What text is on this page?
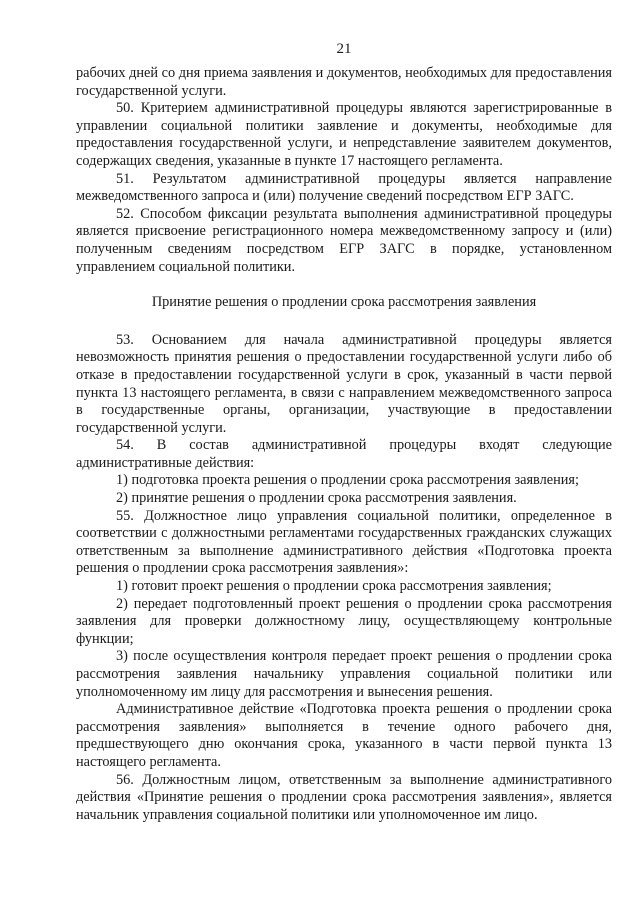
21

рабочих дней со дня приема заявления и документов, необходимых для предоставления государственной услуги.

50. Критерием административной процедуры являются зарегистрированные в управлении социальной политики заявление и документы, необходимые для предоставления государственной услуги, и непредставление заявителем документов, содержащих сведения, указанные в пункте 17 настоящего регламента.

51. Результатом административной процедуры является направление межведомственного запроса и (или) получение сведений посредством ЕГР ЗАГС.

52. Способом фиксации результата выполнения административной процедуры является присвоение регистрационного номера межведомственному запросу и (или) полученным сведениям посредством ЕГР ЗАГС в порядке, установленном управлением социальной политики.

Принятие решения о продлении срока рассмотрения заявления

53. Основанием для начала административной процедуры является невозможность принятия решения о предоставлении государственной услуги либо об отказе в предоставлении государственной услуги в срок, указанный в части первой пункта 13 настоящего регламента, в связи с направлением межведомственного запроса в государственные органы, организации, участвующие в предоставлении государственной услуги.

54. В состав административной процедуры входят следующие административные действия:

1) подготовка проекта решения о продлении срока рассмотрения заявления;

2) принятие решения о продлении срока рассмотрения заявления.

55. Должностное лицо управления социальной политики, определенное в соответствии с должностными регламентами государственных гражданских служащих ответственным за выполнение административного действия «Подготовка проекта решения о продлении срока рассмотрения заявления»:

1) готовит проект решения о продлении срока рассмотрения заявления;

2) передает подготовленный проект решения о продлении срока рассмотрения заявления для проверки должностному лицу, осуществляющему контрольные функции;

3) после осуществления контроля передает проект решения о продлении срока рассмотрения заявления начальнику управления социальной политики или уполномоченному им лицу для рассмотрения и вынесения решения.

Административное действие «Подготовка проекта решения о продлении срока рассмотрения заявления» выполняется в течение одного рабочего дня, предшествующего дню окончания срока, указанного в части первой пункта 13 настоящего регламента.

56. Должностным лицом, ответственным за выполнение административного действия «Принятие решения о продлении срока рассмотрения заявления», является начальник управления социальной политики или уполномоченное им лицо.
